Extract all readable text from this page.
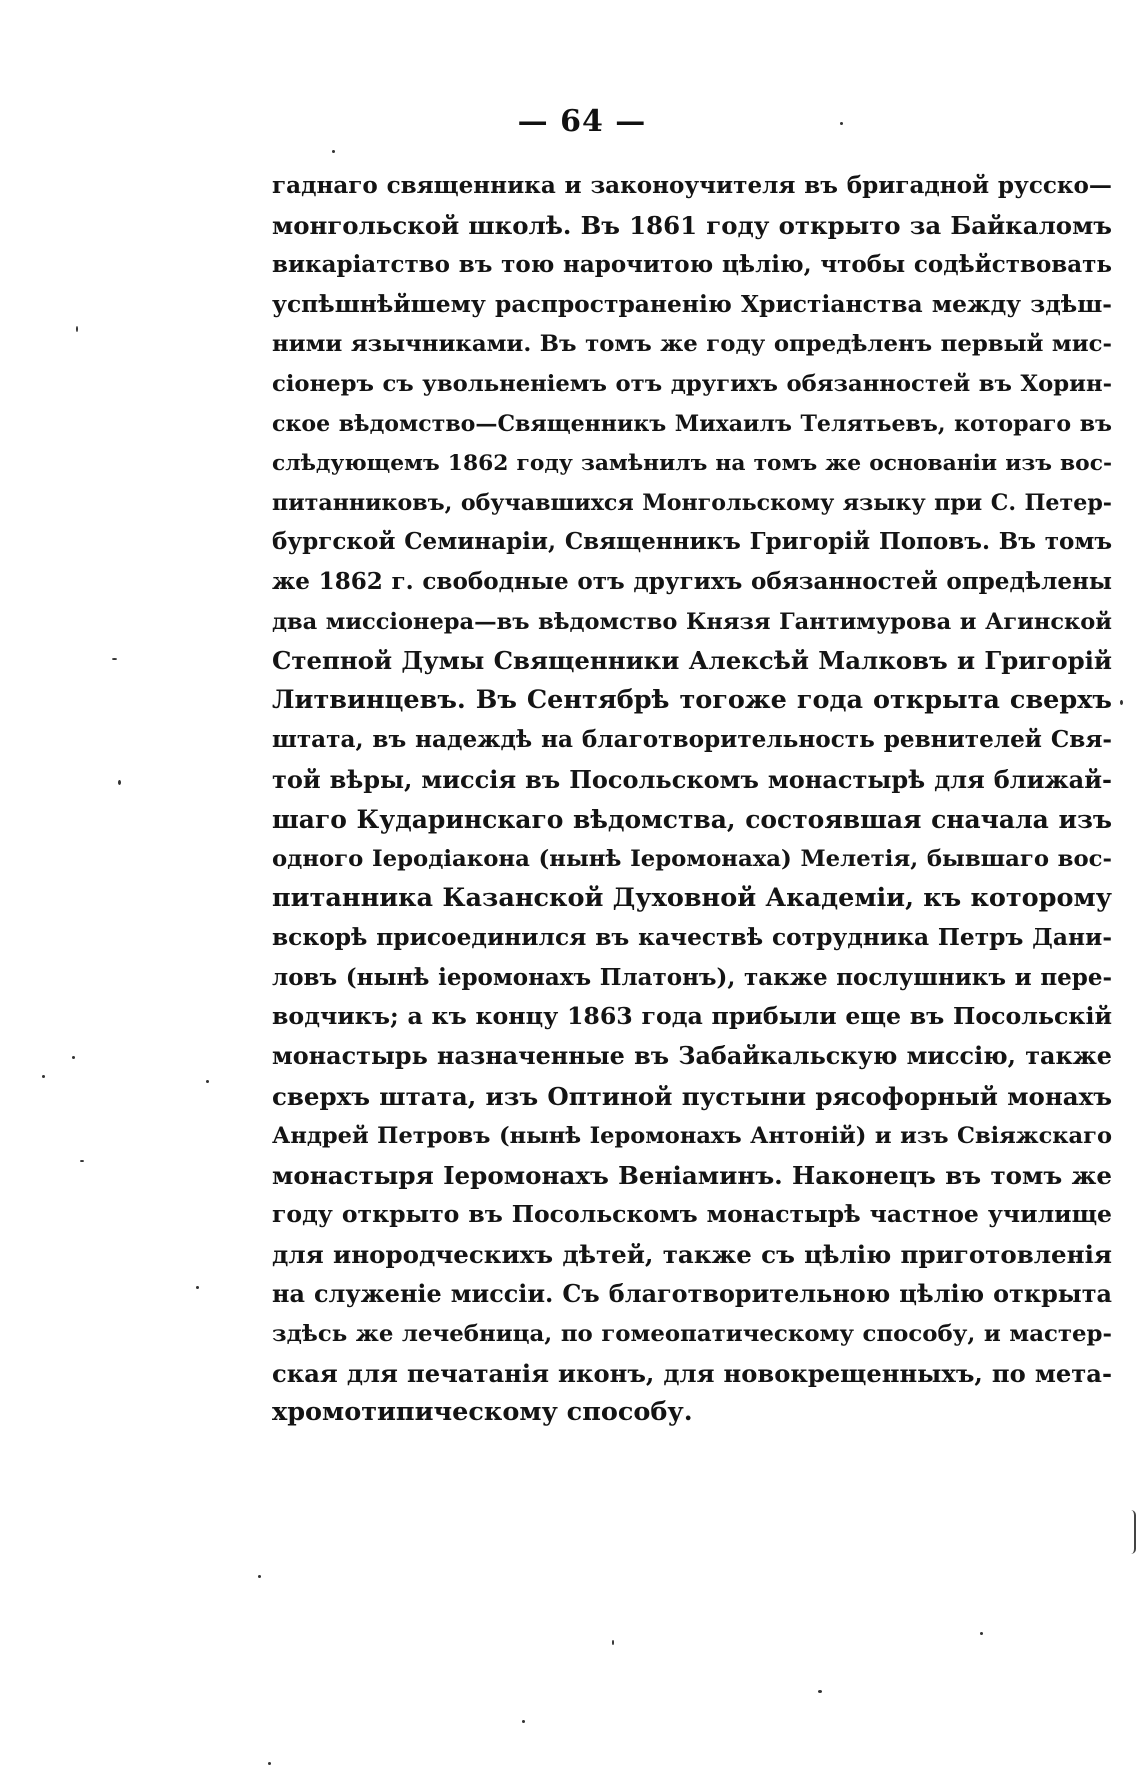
— 64 —
гаднаго священника и законоучителя въ бригадной русско—
монгольской школѣ. Въ 1861 году открыто за Байкаломъ
викаріатство въ тою нарочитою цѣлію, чтобы содѣйствовать
успѣшнѣйшему распространенію Христіанства между здѣш-
ними язычниками. Въ томъ же году опредѣленъ первый мис-
сіонеръ съ увольненіемъ отъ другихъ обязанностей въ Хорин-
ское вѣдомство—Священникъ Михаилъ Телятьевъ, котораго въ
слѣдующемъ 1862 году замѣнилъ на томъ же основаніи изъ вос-
питанниковъ, обучавшихся Монгольскому языку при С. Петер-
бургской Семинаріи, Священникъ Григорій Поповъ. Въ томъ
же 1862 г. свободные отъ другихъ обязанностей опредѣлены
два миссіонера—въ вѣдомство Князя Гантимурова и Агинской
Степной Думы Священники Алексѣй Малковъ и Григорій
Литвинцевъ. Въ Сентябрѣ тогоже года открыта сверхъ
штата, въ надеждѣ на благотворительность ревнителей Свя-
той вѣры, миссія въ Посольскомъ монастырѣ для ближай-
шаго Кударинскаго вѣдомства, состоявшая сначала изъ
одного Іеродіакона (нынѣ Іеромонаха) Мелетія, бывшаго вос-
питанника Казанской Духовной Академіи, къ которому
вскорѣ присоединился въ качествѣ сотрудника Петръ Дани-
ловъ (нынѣ іеромонахъ Платонъ), также послушникъ и пере-
водчикъ; а къ концу 1863 года прибыли еще въ Посольскій
монастырь назначенные въ Забайкальскую миссію, также
сверхъ штата, изъ Оптиной пустыни рясофорный монахъ
Андрей Петровъ (нынѣ Іеромонахъ Антоній) и изъ Свіяжскаго
монастыря Іеромонахъ Веніаминъ. Наконецъ въ томъ же
году открыто въ Посольскомъ монастырѣ частное училище
для инородческихъ дѣтей, также съ цѣлію приготовленія
на служеніе миссіи. Съ благотворительною цѣлію открыта
здѣсь же лечебница, по гомеопатическому способу, и мастер-
ская для печатанія иконъ, для новокрещенныхъ, по мета-
хромотипическому способу.
